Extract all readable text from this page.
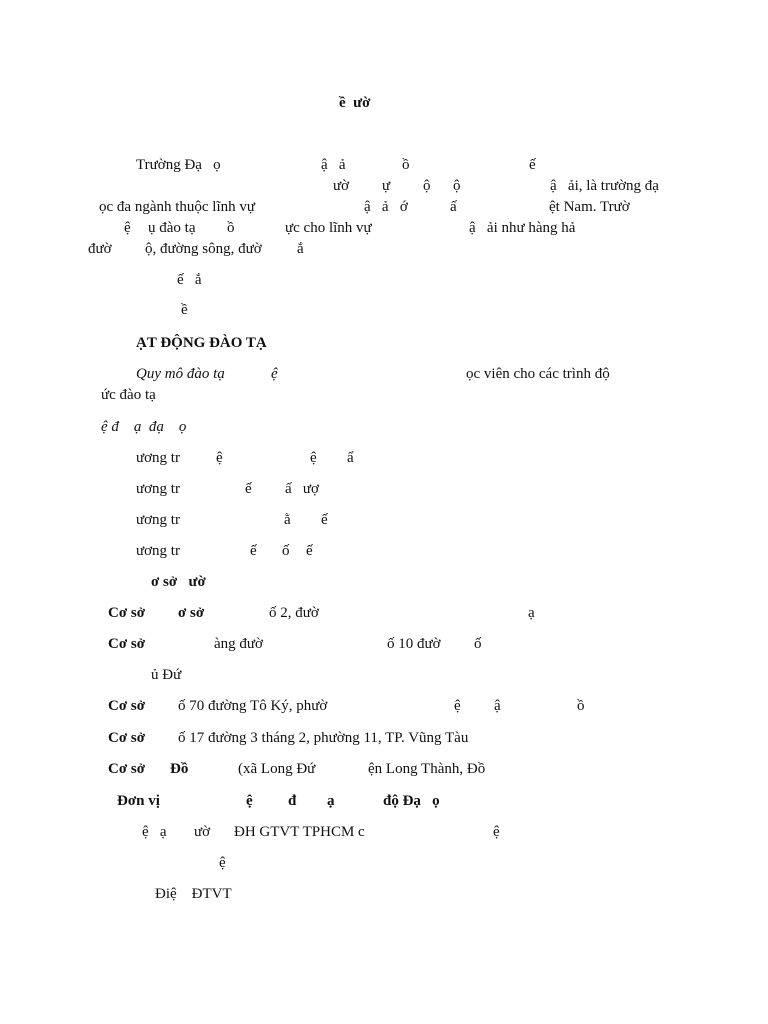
ề  ườ
Trường Đạ   ọ	ậ   ả	ồ	ế
ườ ự ộ ộ	ậ   ải, là trường đạ
ọc đa ngành thuộc lĩnh vự	ậ   ả   ớ	ấ	ệt Nam. Trườ
ệ ụ đào tạ ồ	ực cho lĩnh vự	ậ   ải như hàng hả
đườ ộ, đường sông, đườ ắ
ế   ắ
ề
ẠT ĐỘNG ĐÀO TẠ
Quy mô đào tạ	ệ	ọc viên cho các trình độ
ức đào tạ
ệ đ    ạ  đạ    ọ
ương tr ệ	ệ ẩ
ương tr	ế ấ   ượ
ương tr	ằ ế
ương tr	ế ố ế
ơ sở   ườ
Cơ sở ơ sở	ố 2, đườ	ạ
Cơ sở	àng đườ	ố 10 đườ ố
ủ Đứ
Cơ sở ố 70 đường Tô Ký, phườ	ệ ậ	ồ
Cơ sở ố 17 đường 3 tháng 2, phường 11, TP. Vũng Tàu
Cơ sở Đồ	(xã Long Đứ	ện Long Thành, Đồ
Đơn vị	ệ đ ạ	độ Đạ   ọ
ệ   ạ ườ ĐH GTVT TPHCM c	ệ
ệ
Điệ    ĐTVT
